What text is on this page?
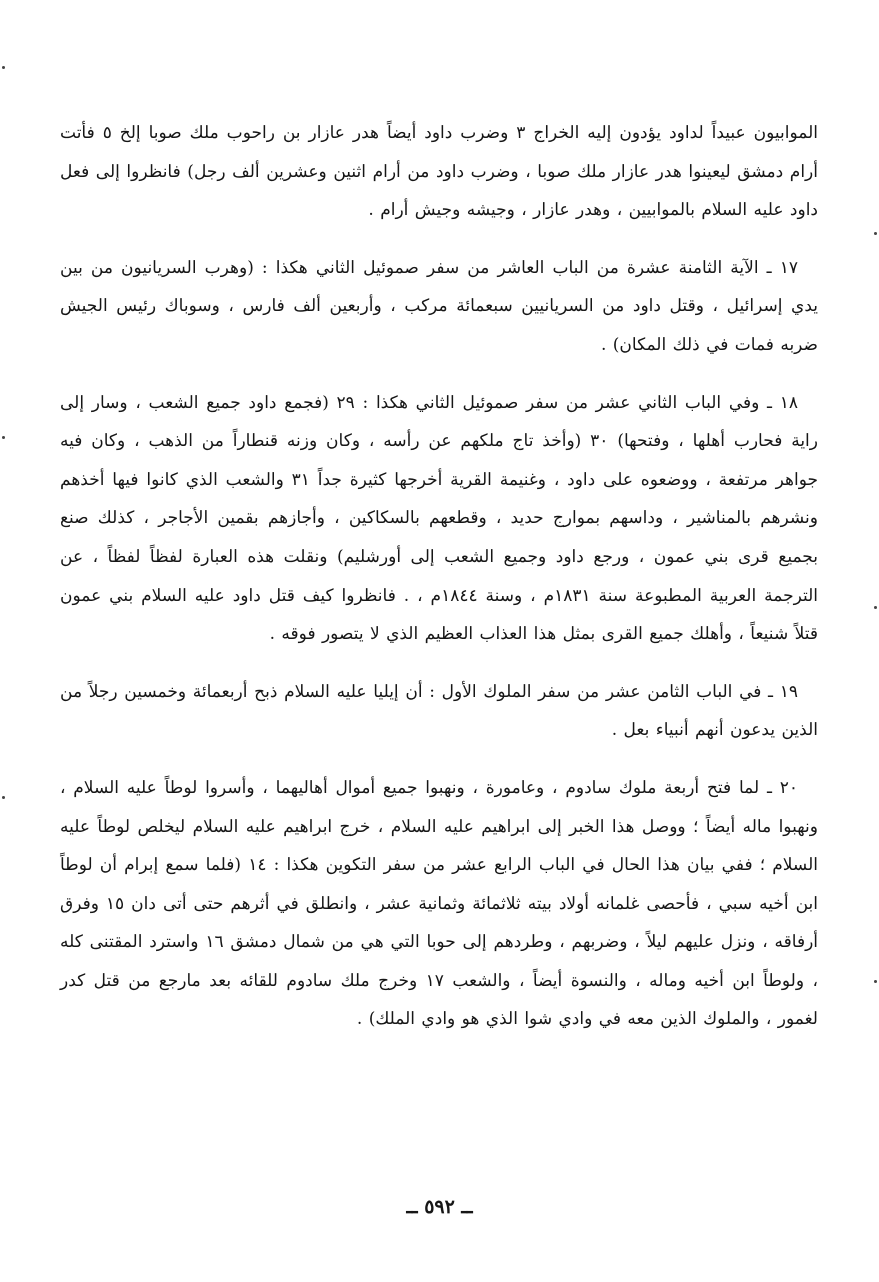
الموابيون عبيداً لداود يؤدون إليه الخراج ٣ وضرب داود أيضاً هدر عازار بن راحوب ملك صوبا إلخ ٥ فأتت أرام دمشق ليعينوا هدر عازار ملك صوبا ، وضرب داود من أرام اثنين وعشرين ألف رجل) فانظروا إلى فعل داود عليه السلام بالموابيين ، وهدر عازار ، وجيشه وجيش أرام .

١٧ ـ الآية الثامنة عشرة من الباب العاشر من سفر صموئيل الثاني هكذا : (وهرب السريانيون من بين يدي إسرائيل ، وقتل داود من السريانيين سبعمائة مركب ، وأربعين ألف فارس ، وسوباك رئيس الجيش ضربه فمات في ذلك المكان) .

١٨ ـ وفي الباب الثاني عشر من سفر صموئيل الثاني هكذا : ٢٩ (فجمع داود جميع الشعب ، وسار إلى راية فحارب أهلها ، وفتحها) ٣٠ (وأخذ تاج ملكهم عن رأسه ، وكان وزنه قنطاراً من الذهب ، وكان فيه جواهر مرتفعة ، ووضعوه على داود ، وغنيمة القرية أخرجها كثيرة جداً ٣١ والشعب الذي كانوا فيها أخذهم ونشرهم بالمناشير ، وداسهم بموارج حديد ، وقطعهم بالسكاكين ، وأجازهم بقمين الأجاجر ، كذلك صنع بجميع قرى بني عمون ، ورجع داود وجميع الشعب إلى أورشليم) ونقلت هذه العبارة لفظاً لفظاً ، عن الترجمة العربية المطبوعة سنة ١٨٣١م ، وسنة ١٨٤٤م ، . فانظروا كيف قتل داود عليه السلام بني عمون قتلاً شنيعاً ، وأهلك جميع القرى بمثل هذا العذاب العظيم الذي لا يتصور فوقه .

١٩ ـ في الباب الثامن عشر من سفر الملوك الأول : أن إيليا عليه السلام ذبح أربعمائة وخمسين رجلاً من الذين يدعون أنهم أنبياء بعل .

٢٠ ـ لما فتح أربعة ملوك سادوم ، وعامورة ، ونهبوا جميع أموال أهاليهما ، وأسروا لوطاً عليه السلام ، ونهبوا ماله أيضاً ؛ ووصل هذا الخبر إلى ابراهيم عليه السلام ، خرج ابراهيم عليه السلام ليخلص لوطاً عليه السلام ؛ ففي بيان هذا الحال في الباب الرابع عشر من سفر التكوين هكذا : ١٤ (فلما سمع إبرام أن لوطاً ابن أخيه سبي ، فأحصى غلمانه أولاد بيته ثلاثمائة وثمانية عشر ، وانطلق في أثرهم حتى أتى دان ١٥ وفرق أرفاقه ، ونزل عليهم ليلاً ، وضربهم ، وطردهم إلى حوبا التي هي من شمال دمشق ١٦ واسترد المقتنى كله ، ولوطاً ابن أخيه وماله ، والنسوة أيضاً ، والشعب ١٧ وخرج ملك سادوم للقائه بعد مارجع من قتل كدر لغمور ، والملوك الذين معه في وادي شوا الذي هو وادي الملك) .

ــ ٥٩٢ ــ
